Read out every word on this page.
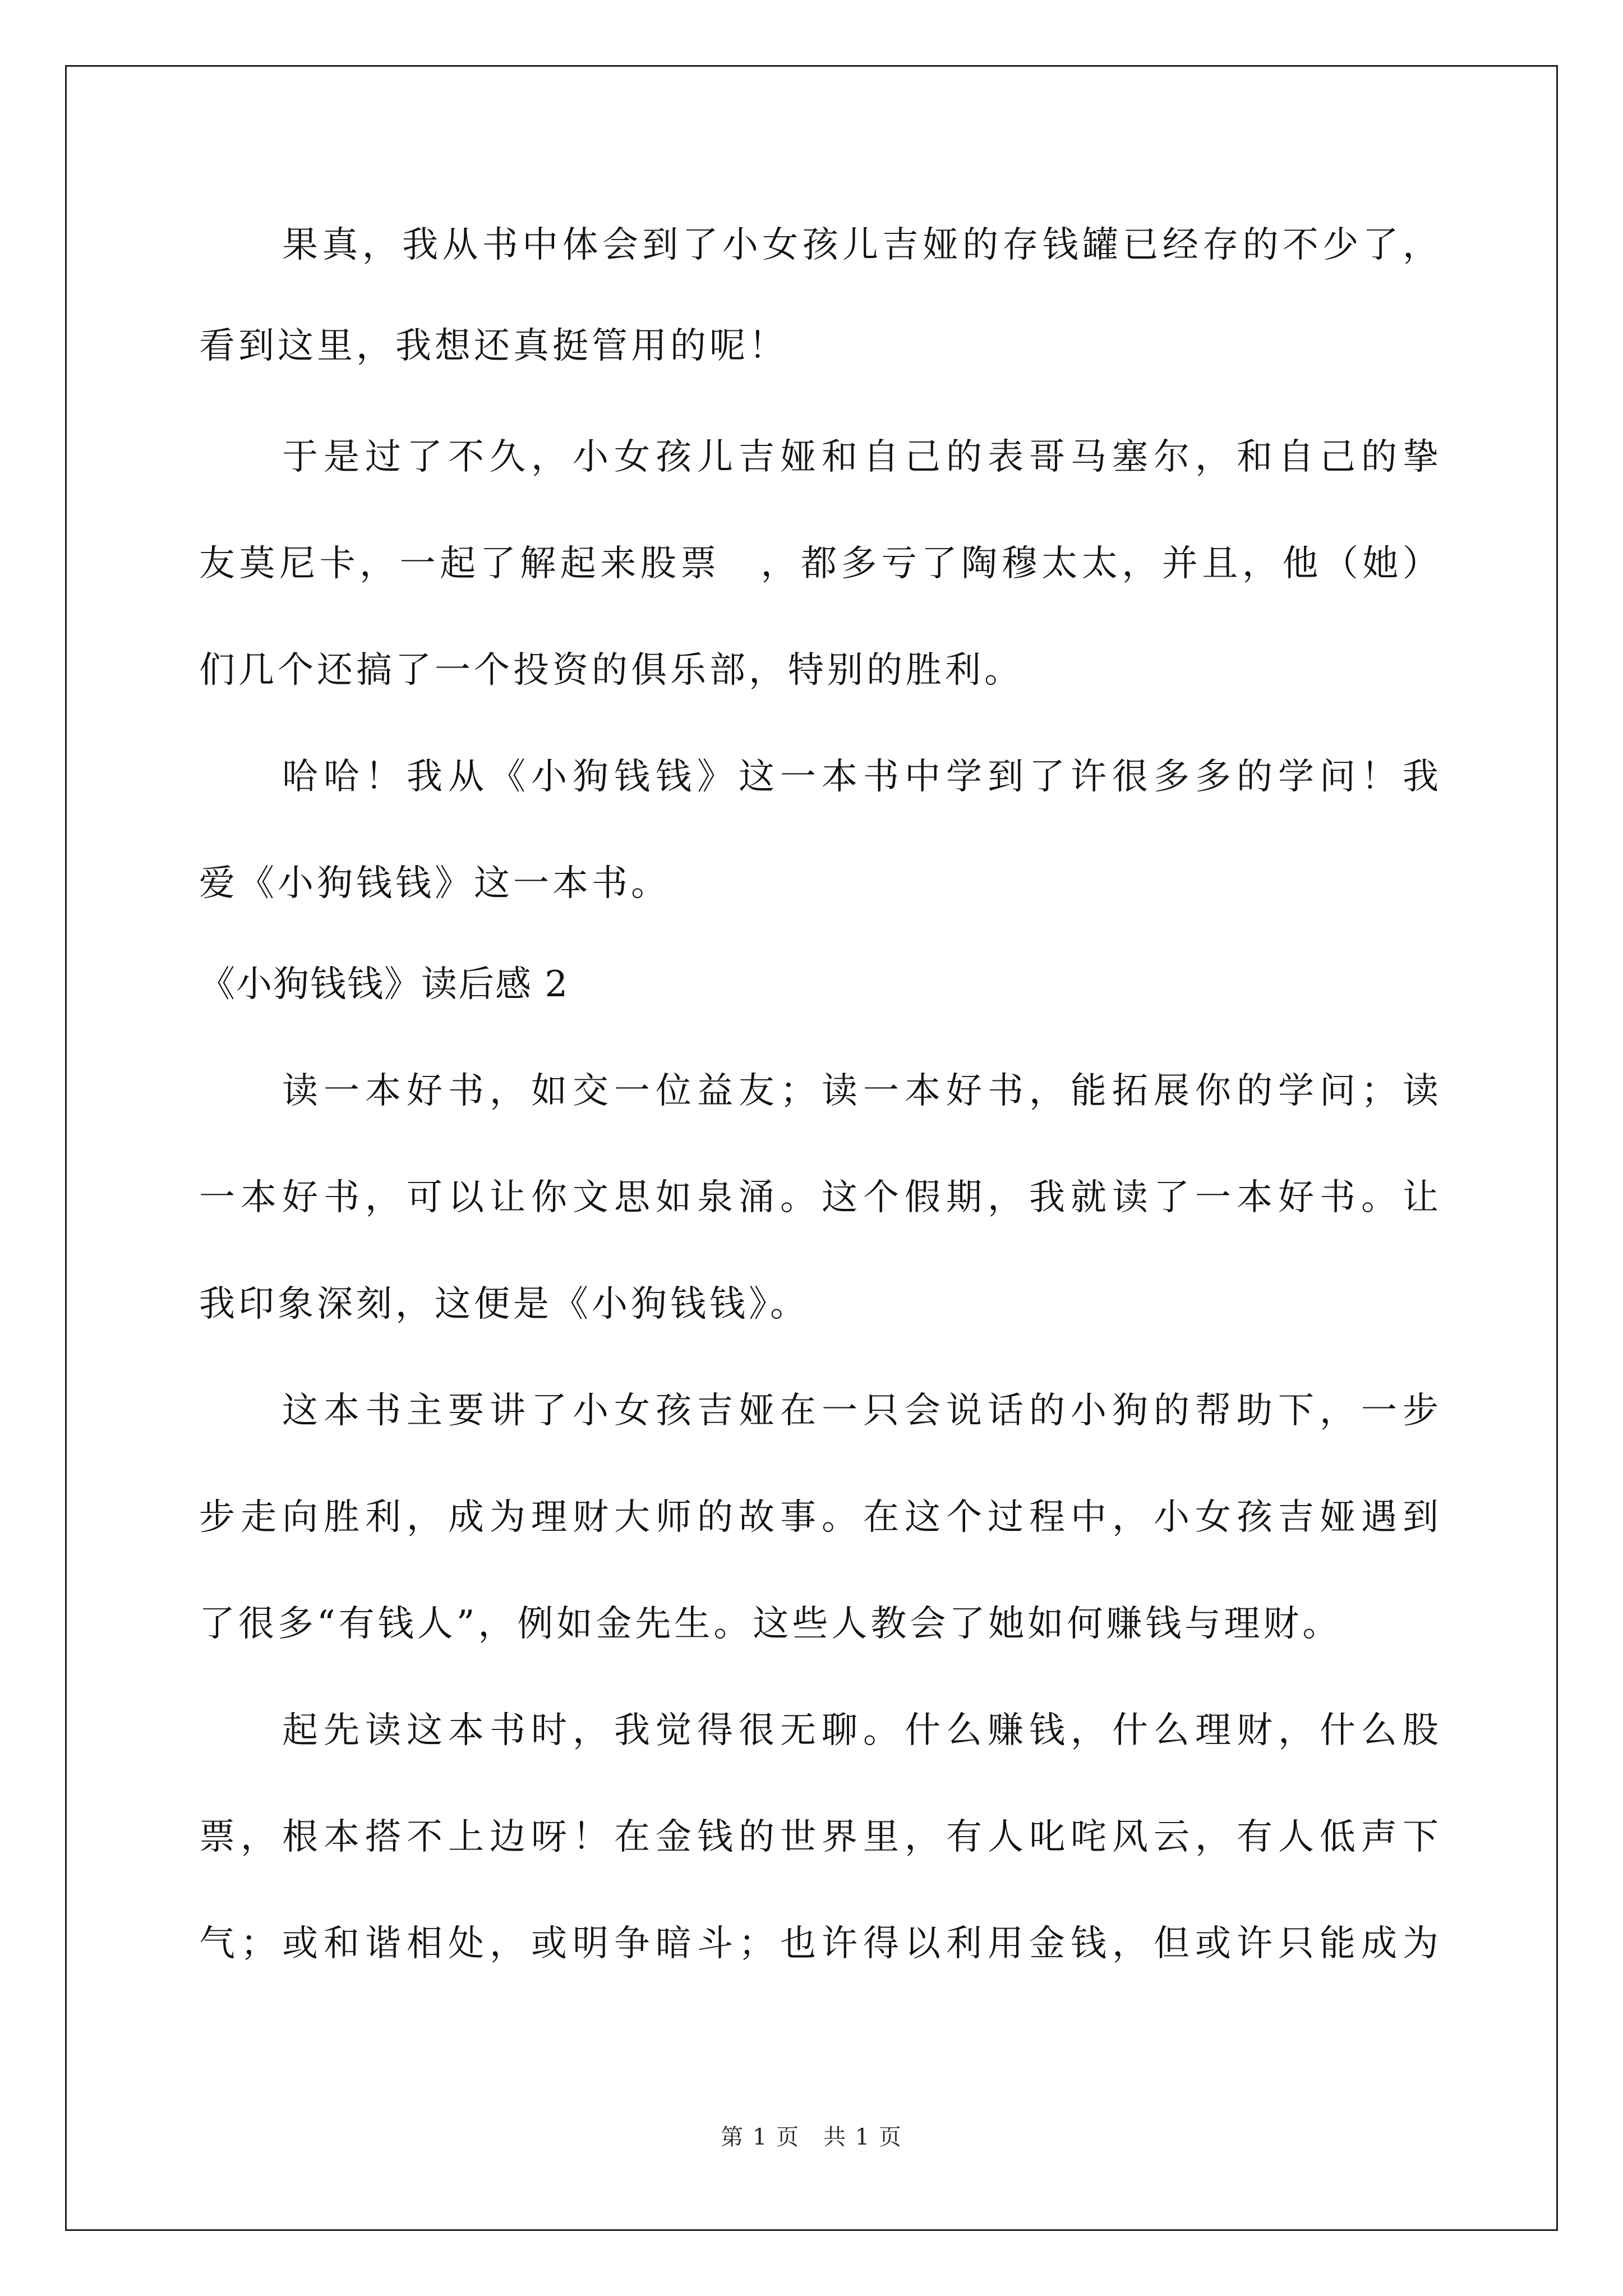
果真，我从书中体会到了小女孩儿吉娅的存钱罐已经存的不少了，
看到这里，我想还真挺管用的呢！
于是过了不久，小女孩儿吉娅和自己的表哥马塞尔，和自己的挚
友莫尼卡，一起了解起来股票　，都多亏了陶穆太太，并且，他（她）
们几个还搞了一个投资的俱乐部，特别的胜利。
哈哈！我从《小狗钱钱》这一本书中学到了许很多多的学问！我
爱《小狗钱钱》这一本书。
《小狗钱钱》读后感 2
读一本好书，如交一位益友；读一本好书，能拓展你的学问；读
一本好书，可以让你文思如泉涌。这个假期，我就读了一本好书。让
我印象深刻，这便是《小狗钱钱》。
这本书主要讲了小女孩吉娅在一只会说话的小狗的帮助下，一步
步走向胜利，成为理财大师的故事。在这个过程中，小女孩吉娅遇到
了很多“有钱人”，例如金先生。这些人教会了她如何赚钱与理财。
起先读这本书时，我觉得很无聊。什么赚钱，什么理财，什么股
票，根本搭不上边呀！在金钱的世界里，有人叱咤风云，有人低声下
气；或和谐相处，或明争暗斗；也许得以利用金钱，但或许只能成为
第 1 页　共 1 页
